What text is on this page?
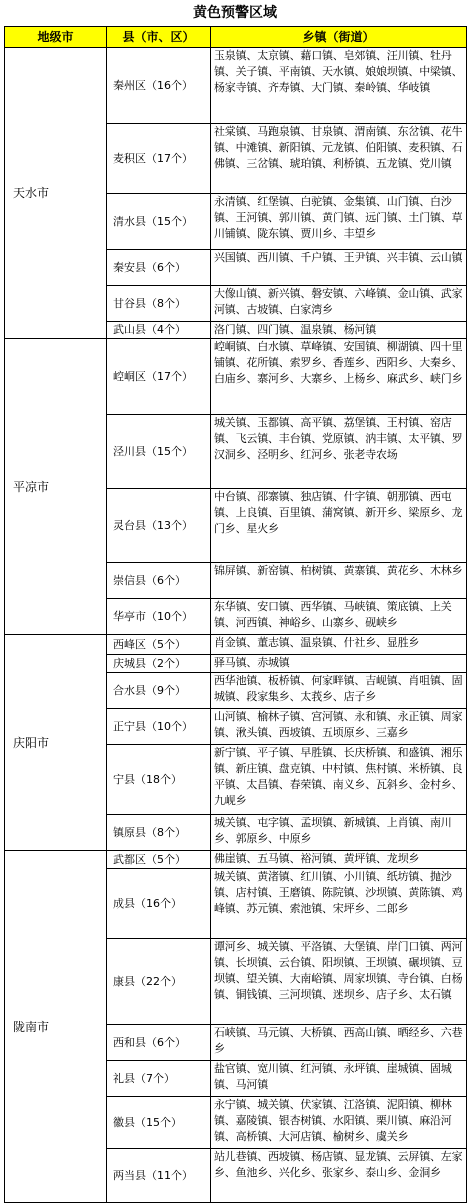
黄色预警区域
地级市	县（市、区）	乡镇（街道）
天水市	秦州区（16个）	玉泉镇、太京镇、藉口镇、皂郊镇、汪川镇、牡丹镇、关子镇、平南镇、天水镇、娘娘坝镇、中梁镇、杨家寺镇、齐寿镇、大门镇、秦岭镇、华岐镇
	麦积区（17个）	社棠镇、马跑泉镇、甘泉镇、渭南镇、东岔镇、花牛镇、中滩镇、新阳镇、元龙镇、伯阳镇、麦积镇、石佛镇、三岔镇、琥珀镇、利桥镇、五龙镇、党川镇
	清水县（15个）	永清镇、红堡镇、白驼镇、金集镇、山门镇、白沙镇、王河镇、郭川镇、黄门镇、远门镇、土门镇、草川铺镇、陇东镇、贾川乡、丰望乡
	秦安县（6个）	兴国镇、西川镇、千户镇、王尹镇、兴丰镇、云山镇
	甘谷县（8个）	大像山镇、新兴镇、磐安镇、六峰镇、金山镇、武家河镇、古坡镇、白家湾乡
	武山县（4个）	洛门镇、四门镇、温泉镇、杨河镇
平凉市	崆峒区（17个）	崆峒镇、白水镇、草峰镇、安国镇、柳湖镇、四十里铺镇、花所镇、索罗乡、香莲乡、西阳乡、大秦乡、白庙乡、寨河乡、大寨乡、上杨乡、麻武乡、峡门乡
	泾川县（15个）	城关镇、玉都镇、高平镇、荔堡镇、王村镇、窑店镇、飞云镇、丰台镇、党原镇、汭丰镇、太平镇、罗汉洞乡、泾明乡、红河乡、张老寺农场
	灵台县（13个）	中台镇、邵寨镇、独店镇、什字镇、朝那镇、西屯镇、上良镇、百里镇、蒲窝镇、新开乡、梁原乡、龙门乡、星火乡
	崇信县（6个）	锦屏镇、新窑镇、柏树镇、黄寨镇、黄花乡、木林乡
	华亭市（10个）	东华镇、安口镇、西华镇、马峡镇、策底镇、上关镇、河西镇、神峪乡、山寨乡、砚峡乡
庆阳市	西峰区（5个）	肖金镇、董志镇、温泉镇、什社乡、显胜乡
	庆城县（2个）	驿马镇、赤城镇
	合水县（9个）	西华池镇、板桥镇、何家畔镇、吉岘镇、肖咀镇、固城镇、段家集乡、太莪乡、店子乡
	正宁县（10个）	山河镇、榆林子镇、宫河镇、永和镇、永正镇、周家镇、湫头镇、西坡镇、五顷原乡、三嘉乡
	宁县（18个）	新宁镇、平子镇、早胜镇、长庆桥镇、和盛镇、湘乐镇、新庄镇、盘克镇、中村镇、焦村镇、米桥镇、良平镇、太昌镇、春荣镇、南义乡、瓦斜乡、金村乡、九岘乡
	镇原县（8个）	城关镇、屯字镇、孟坝镇、新城镇、上肖镇、南川乡、郭原乡、中原乡
陇南市	武都区（5个）	佛崖镇、五马镇、裕河镇、黄坪镇、龙坝乡
	成县（16个）	城关镇、黄渚镇、红川镇、小川镇、纸坊镇、抛沙镇、店村镇、王磨镇、陈院镇、沙坝镇、黄陈镇、鸡峰镇、苏元镇、索池镇、宋坪乡、二郎乡
	康县（22个）	谭河乡、城关镇、平洛镇、大堡镇、岸门口镇、两河镇、长坝镇、云台镇、阳坝镇、王坝镇、碾坝镇、豆坝镇、望关镇、大南峪镇、周家坝镇、寺台镇、白杨镇、铜钱镇、三河坝镇、迷坝乡、店子乡、太石镇
	西和县（6个）	石峡镇、马元镇、大桥镇、西高山镇、晒经乡、六巷乡
	礼县（7个）	盐官镇、宽川镇、红河镇、永坪镇、崖城镇、固城镇、马河镇
	徽县（15个）	永宁镇、城关镇、伏家镇、江洛镇、泥阳镇、柳林镇、嘉陵镇、银杏树镇、水阳镇、栗川镇、麻沿河镇、高桥镇、大河店镇、榆树乡、虞关乡
	两当县（11个）	站儿巷镇、西坡镇、杨店镇、显龙镇、云屏镇、左家乡、鱼池乡、兴化乡、张家乡、泰山乡、金洞乡
